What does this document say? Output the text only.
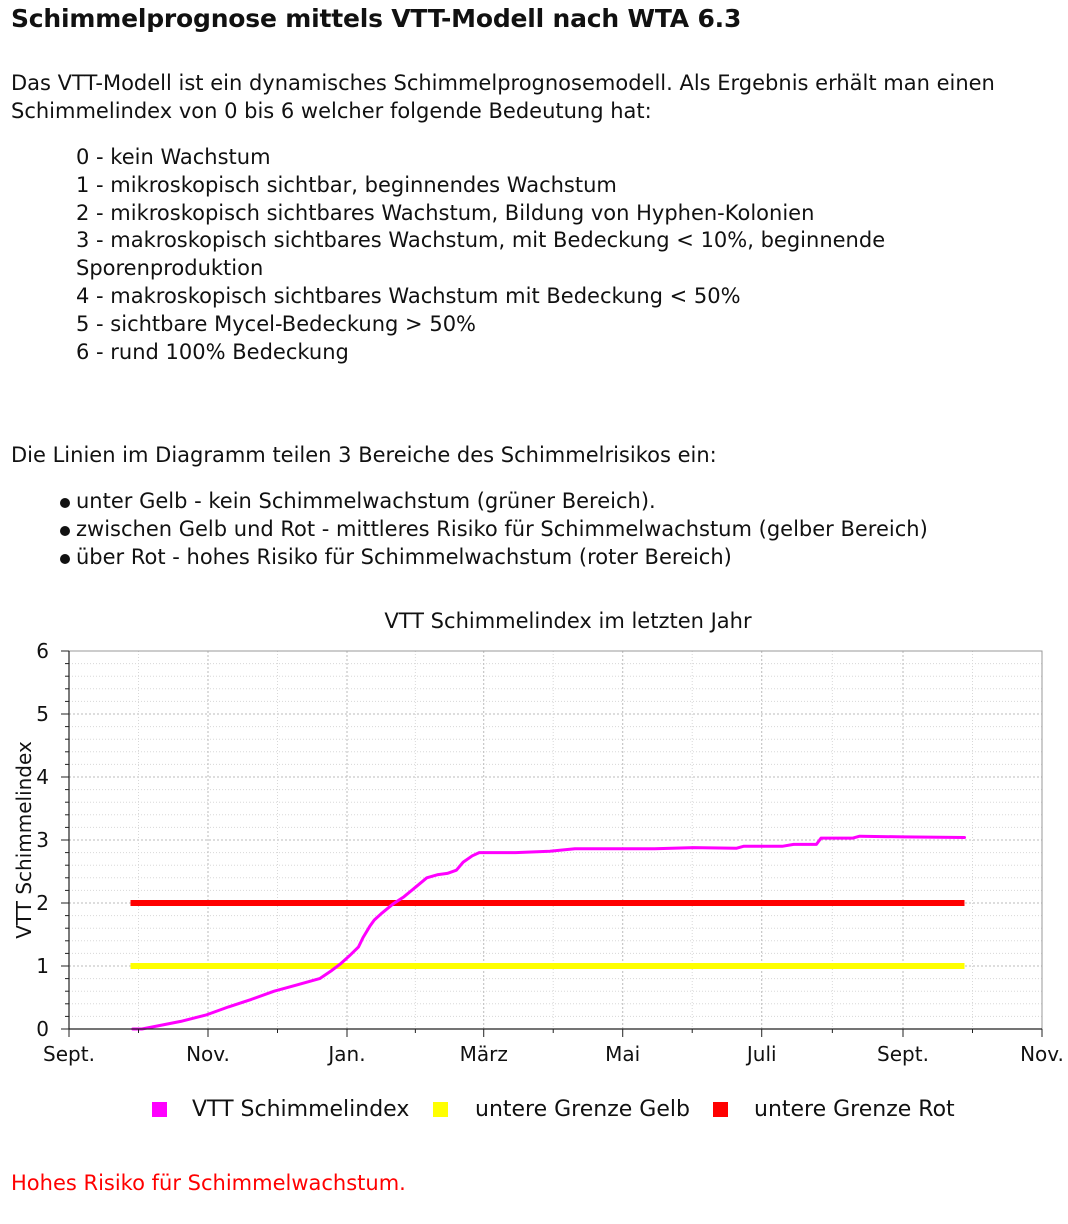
Schimmelprognose mittels VTT-Modell nach WTA 6.3

Das VTT-Modell ist ein dynamisches Schimmelprognosemodell. Als Ergebnis erhält man einen Schimmelindex von 0 bis 6 welcher folgende Bedeutung hat:

0 - kein Wachstum
1 - mikroskopisch sichtbar, beginnendes Wachstum
2 - mikroskopisch sichtbares Wachstum, Bildung von Hyphen-Kolonien
3 - makroskopisch sichtbares Wachstum, mit Bedeckung < 10%, beginnende Sporenproduktion
4 - makroskopisch sichtbares Wachstum mit Bedeckung < 50%
5 - sichtbare Mycel-Bedeckung > 50%
6 - rund 100% Bedeckung

Die Linien im Diagramm teilen 3 Bereiche des Schimmelrisikos ein:

unter Gelb - kein Schimmelwachstum (grüner Bereich).
zwischen Gelb und Rot - mittleres Risiko für Schimmelwachstum (gelber Bereich)
über Rot - hohes Risiko für Schimmelwachstum (roter Bereich)
VTT Schimmelindex im letzten Jahr
0
1
2
3
4
5
6
Sept.	Nov.	Jan.	März	Mai	Juli	Sept.	Nov.
VTT Schimmelindex
VTT Schimmelindex	untere Grenze Gelb	untere Grenze Rot

Hohes Risiko für Schimmelwachstum.
